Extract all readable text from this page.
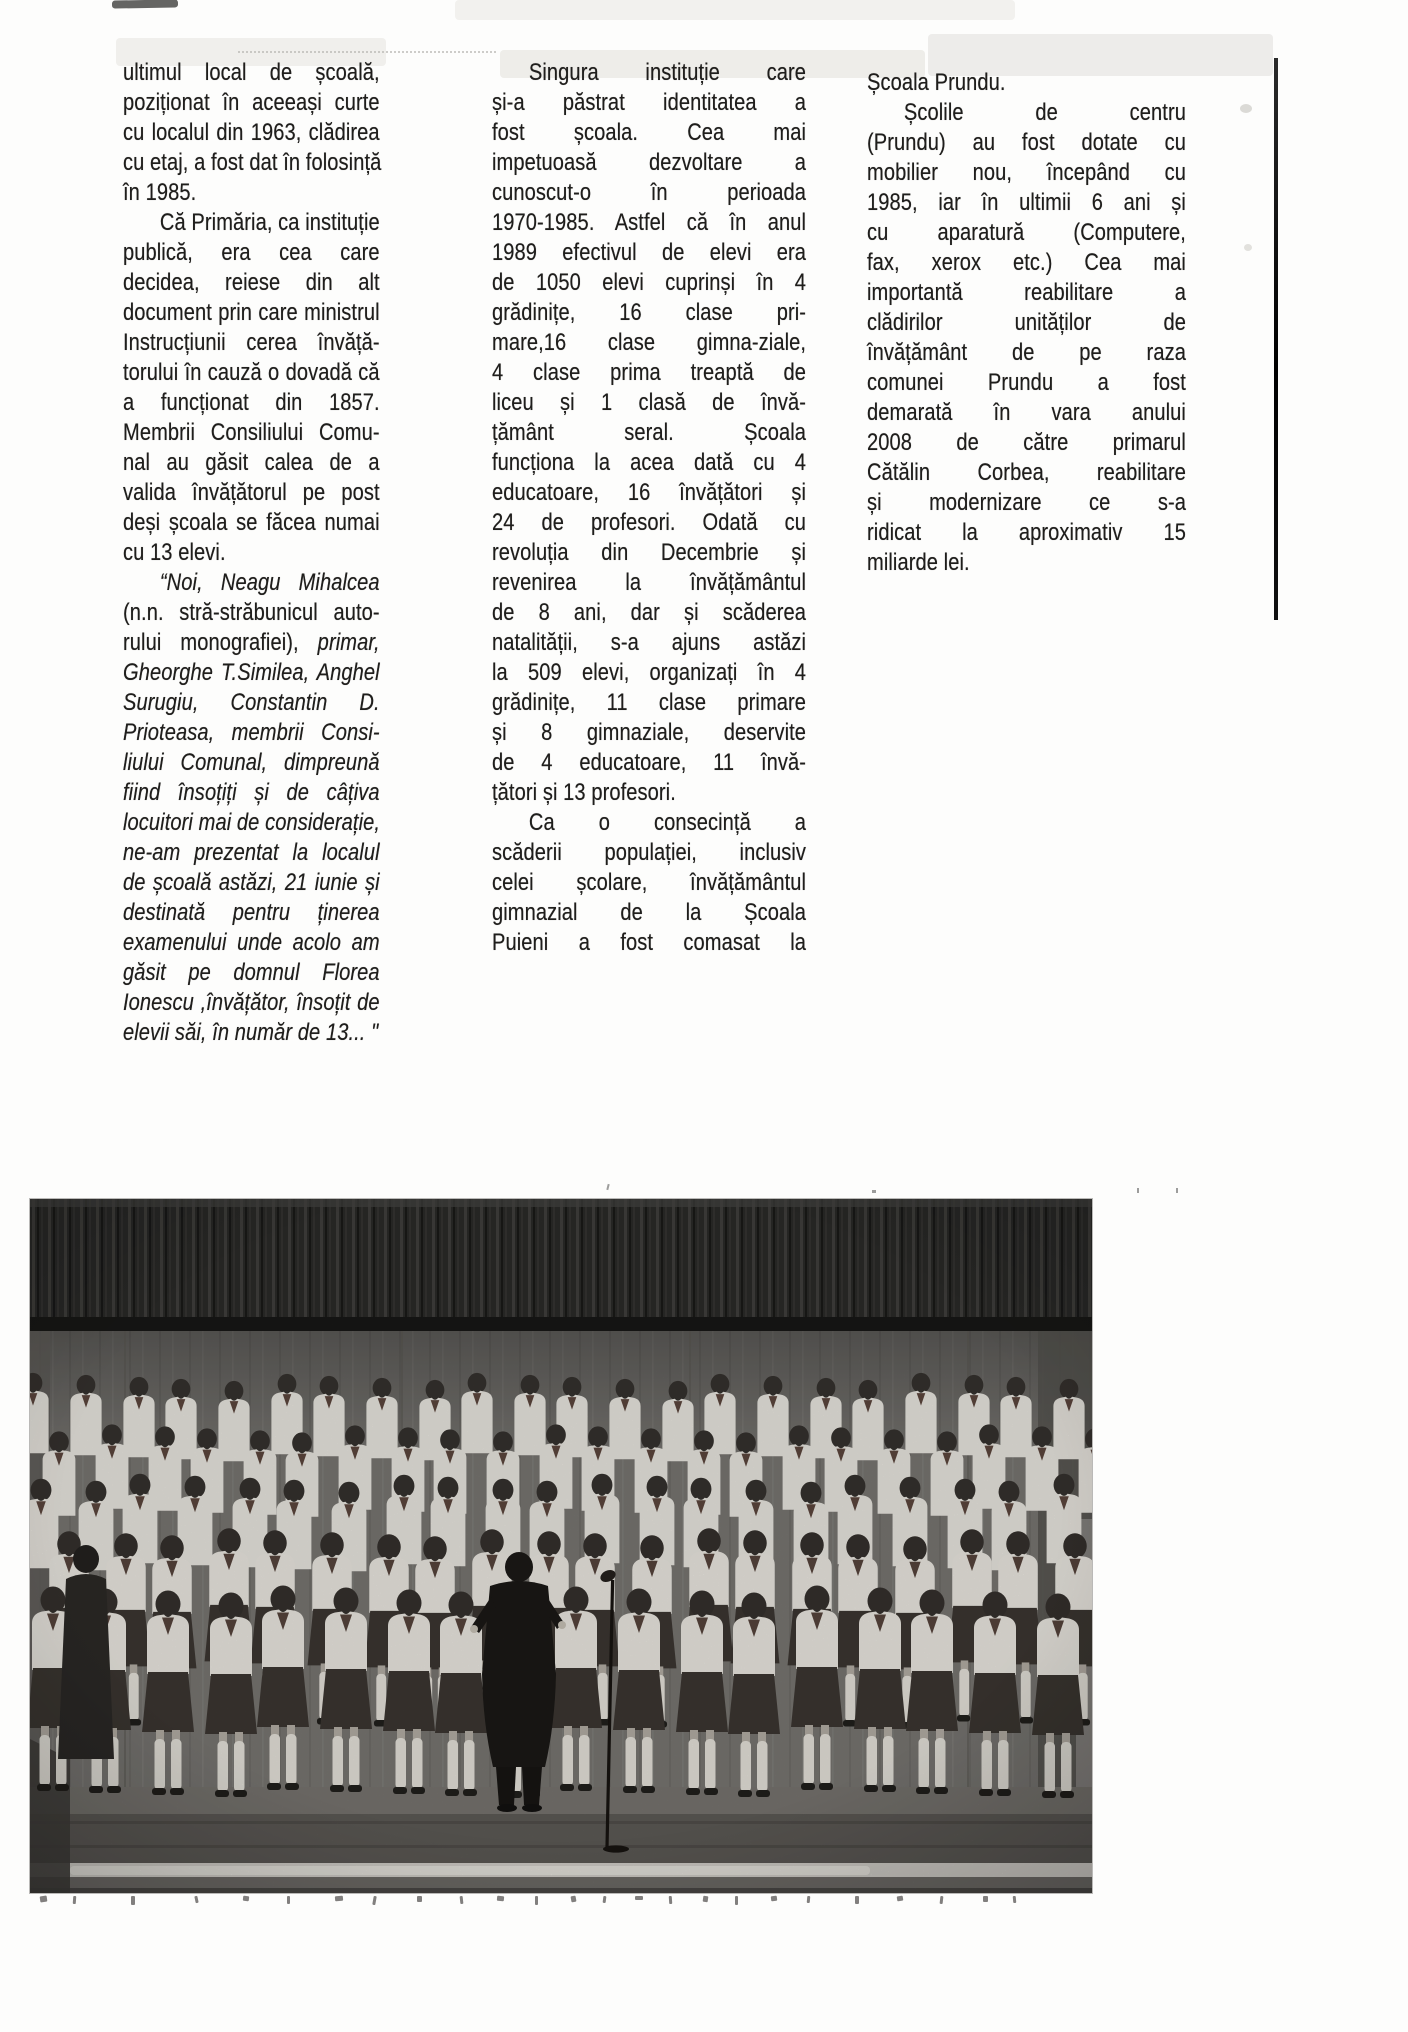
ultimul local de școală,
poziționat în aceeași curte
cu localul din 1963, clădirea
cu etaj, a fost dat în folosință
în 1985.
Că Primăria, ca instituție
publică, era cea care
decidea, reiese din alt
document prin care ministrul
Instrucțiunii cerea învăță-
torului în cauză o dovadă că
a funcționat din 1857.
Membrii Consiliului Comu-
nal au găsit calea de a
valida învățătorul pe post
deși școala se făcea numai
cu 13 elevi.
“Noi, Neagu Mihalcea
(n.n. stră-străbunicul auto-
rului monografiei), primar,
Gheorghe T.Similea, Anghel
Surugiu, Constantin D.
Prioteasa, membrii Consi-
liului Comunal, dimpreună
fiind însoțiți și de câțiva
locuitori mai de considerație,
ne-am prezentat la localul
de școală astăzi, 21 iunie și
destinată pentru ținerea
examenului unde acolo am
găsit pe domnul Florea
Ionescu ,învățător, însoțit de
elevii săi, în număr de 13... "
Singura instituție care
și-a păstrat identitatea a
fost școala. Cea mai
impetuoasă dezvoltare a
cunoscut-o în perioada
1970-1985. Astfel că în anul
1989 efectivul de elevi era
de 1050 elevi cuprinși în 4
grădinițe, 16 clase pri-
mare,16 clase gimna-ziale,
4 clase prima treaptă de
liceu și 1 clasă de învă-
țământ seral. Școala
funcționa la acea dată cu 4
educatoare, 16 învățători și
24 de profesori. Odată cu
revoluția din Decembrie și
revenirea la învățământul
de 8 ani, dar și scăderea
natalității, s-a ajuns astăzi
la 509 elevi, organizați în 4
grădinițe, 11 clase primare
și 8 gimnaziale, deservite
de 4 educatoare, 11 învă-
țători și 13 profesori.
Ca o consecință a
scăderii populației, inclusiv
celei școlare, învățământul
gimnazial de la Școala
Puieni a fost comasat la
Școala Prundu.
Școlile de centru
(Prundu) au fost dotate cu
mobilier nou, începând cu
1985, iar în ultimii 6 ani și
cu aparatură (Computere,
fax, xerox etc.) Cea mai
importantă reabilitare a
clădirilor unităților de
învățământ de pe raza
comunei Prundu a fost
demarată în vara anului
2008 de către primarul
Cătălin Corbea, reabilitare
și modernizare ce s-a
ridicat la aproximativ 15
miliarde lei.
